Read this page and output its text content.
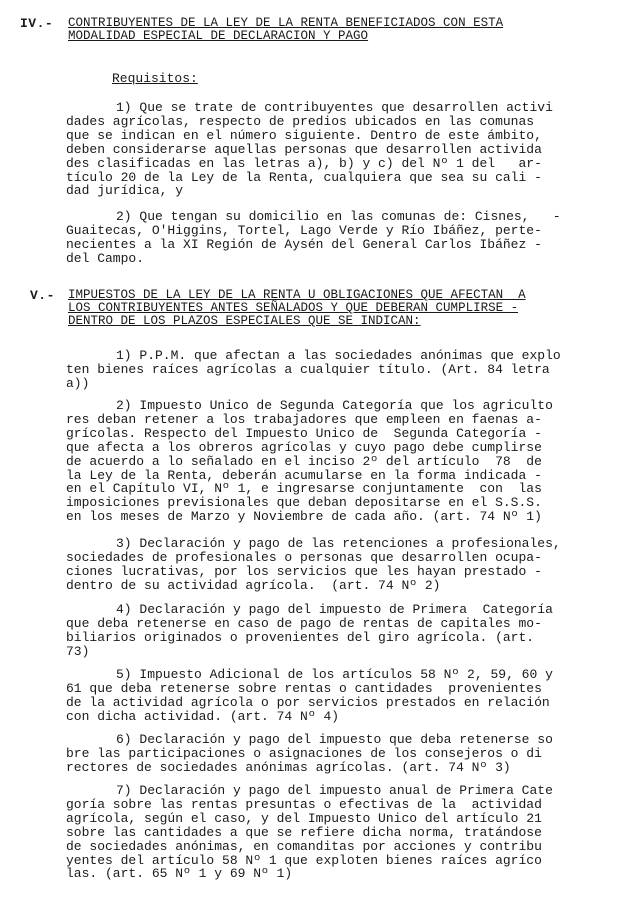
IV.- CONTRIBUYENTES DE LA LEY DE LA RENTA BENEFICIADOS CON ESTA
MODALIDAD ESPECIAL DE DECLARACION Y PAGO
Requisitos:
1) Que se trate de contribuyentes que desarrollen activi
dades agrícolas, respecto de predios ubicados en las comunas
que se indican en el número siguiente. Dentro de este ámbito,
deben considerarse aquellas personas que desarrollen activida
des clasificadas en las letras a), b) y c) del Nº 1 del   ar-
tículo 20 de la Ley de la Renta, cualquiera que sea su cali -
dad jurídica, y
2) Que tengan su domicilio en las comunas de: Cisnes,   -
Guaitecas, O'Higgins, Tortel, Lago Verde y Río Ibáñez, perte-
necientes a la XI Región de Aysén del General Carlos Ibáñez -
del Campo.
V.- IMPUESTOS DE LA LEY DE LA RENTA U OBLIGACIONES QUE AFECTAN  A
LOS CONTRIBUYENTES ANTES SEÑALADOS Y QUE DEBERAN CUMPLIRSE -
DENTRO DE LOS PLAZOS ESPECIALES QUE SE INDICAN:
1) P.P.M. que afectan a las sociedades anónimas que explo
ten bienes raíces agrícolas a cualquier título. (Art. 84 letra
a))
2) Impuesto Unico de Segunda Categoría que los agriculto
res deban retener a los trabajadores que empleen en faenas a-
grícolas. Respecto del Impuesto Unico de  Segunda Categoría -
que afecta a los obreros agrícolas y cuyo pago debe cumplirse
de acuerdo a lo señalado en el inciso 2º del artículo  78  de
la Ley de la Renta, deberán acumularse en la forma indicada -
en el Capítulo VI, Nº 1, e ingresarse conjuntamente  con  las
imposiciones previsionales que deban depositarse en el S.S.S.
en los meses de Marzo y Noviembre de cada año. (art. 74 Nº 1)
3) Declaración y pago de las retenciones a profesionales,
sociedades de profesionales o personas que desarrollen ocupa-
ciones lucrativas, por los servicios que les hayan prestado -
dentro de su actividad agrícola.  (art. 74 Nº 2)
4) Declaración y pago del impuesto de Primera  Categoría
que deba retenerse en caso de pago de rentas de capitales mo-
biliarios originados o provenientes del giro agrícola. (art.
73)
5) Impuesto Adicional de los artículos 58 Nº 2, 59, 60 y
61 que deba retenerse sobre rentas o cantidades  provenientes
de la actividad agrícola o por servicios prestados en relación
con dicha actividad. (art. 74 Nº 4)
6) Declaración y pago del impuesto que deba retenerse so
bre las participaciones o asignaciones de los consejeros o di
rectores de sociedades anónimas agrícolas. (art. 74 Nº 3)
7) Declaración y pago del impuesto anual de Primera Cate
goría sobre las rentas presuntas o efectivas de la  actividad
agrícola, según el caso, y del Impuesto Unico del artículo 21
sobre las cantidades a que se refiere dicha norma, tratándose
de sociedades anónimas, en comanditas por acciones y contribu
yentes del artículo 58 Nº 1 que exploten bienes raíces agríco
las. (art. 65 Nº 1 y 69 Nº 1)
